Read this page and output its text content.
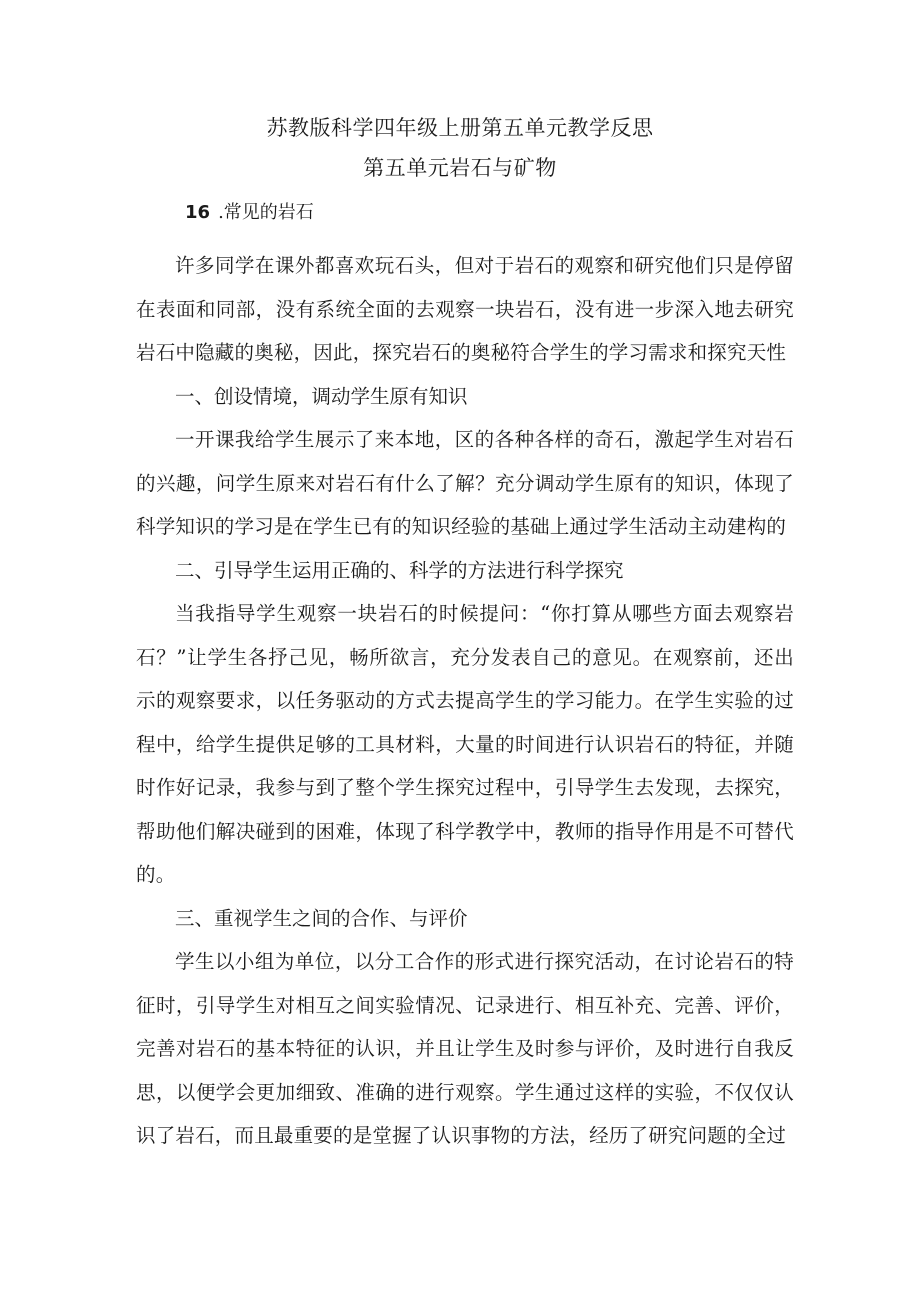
苏教版科学四年级上册第五单元教学反思
第五单元岩石与矿物

16 .常见的岩石

许多同学在课外都喜欢玩石头，但对于岩石的观察和研究他们只是停留在表面和同部，没有系统全面的去观察一块岩石，没有进一步深入地去研究岩石中隐藏的奥秘，因此，探究岩石的奥秘符合学生的学习需求和探究天性

一、创设情境，调动学生原有知识

一开课我给学生展示了来本地，区的各种各样的奇石，激起学生对岩石的兴趣，问学生原来对岩石有什么了解？充分调动学生原有的知识，体现了科学知识的学习是在学生已有的知识经验的基础上通过学生活动主动建构的

二、引导学生运用正确的、科学的方法进行科学探究

当我指导学生观察一块岩石的时候提问：“你打算从哪些方面去观察岩石？”让学生各抒己见，畅所欲言，充分发表自己的意见。在观察前，还出示的观察要求，以任务驱动的方式去提高学生的学习能力。在学生实验的过程中，给学生提供足够的工具材料，大量的时间进行认识岩石的特征，并随时作好记录，我参与到了整个学生探究过程中，引导学生去发现，去探究，帮助他们解决碰到的困难，体现了科学教学中，教师的指导作用是不可替代的。

三、重视学生之间的合作、与评价

学生以小组为单位，以分工合作的形式进行探究活动，在讨论岩石的特征时，引导学生对相互之间实验情况、记录进行、相互补充、完善、评价，完善对岩石的基本特征的认识，并且让学生及时参与评价，及时进行自我反思，以便学会更加细致、准确的进行观察。学生通过这样的实验，不仅仅认识了岩石，而且最重要的是堂握了认识事物的方法，经历了研究问题的全过
